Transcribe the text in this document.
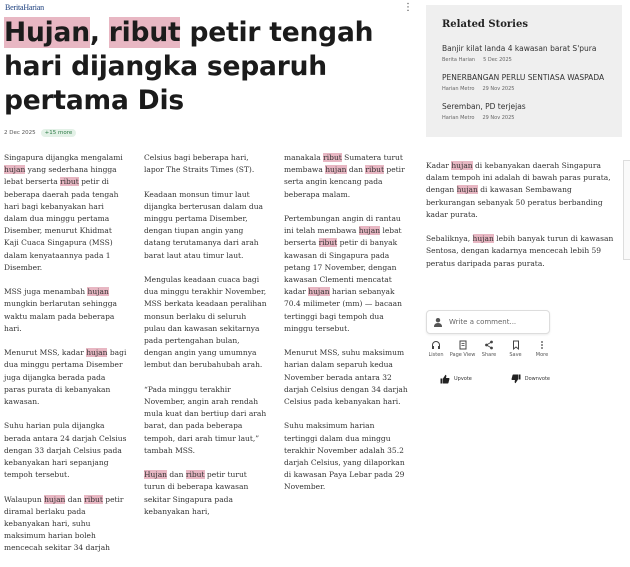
BeritaHarian	⋮
Hujan, ribut petir tengah hari dijangka separuh pertama Dis
2 Dec 2025	+15 more

Singapura dijangka mengalami hujan yang sederhana hingga lebat berserta ribut petir di beberapa daerah pada tengah hari bagi kebanyakan hari dalam dua minggu pertama Disember, menurut Khidmat Kaji Cuaca Singapura (MSS) dalam kenyataannya pada 1 Disember.

MSS juga menambah hujan mungkin berlarutan sehingga waktu malam pada beberapa hari.

Menurut MSS, kadar hujan bagi dua minggu pertama Disember juga dijangka berada pada paras purata di kebanyakan kawasan.

Suhu harian pula dijangka berada antara 24 darjah Celsius dengan 33 darjah Celsius pada kebanyakan hari sepanjang tempoh tersebut.

Walaupun hujan dan ribut petir diramal berlaku pada kebanyakan hari, suhu maksimum harian boleh mencecah sekitar 34 darjah

Celsius bagi beberapa hari, lapor The Straits Times (ST).

Keadaan monsun timur laut dijangka berterusan dalam dua minggu pertama Disember, dengan tiupan angin yang datang terutamanya dari arah barat laut atau timur laut.

Mengulas keadaan cuaca bagi dua minggu terakhir November, MSS berkata keadaan peralihan monsun berlaku di seluruh pulau dan kawasan sekitarnya pada pertengahan bulan, dengan angin yang umumnya lembut dan berubahubah arah.

“Pada minggu terakhir November, angin arah rendah mula kuat dan bertiup dari arah barat, dan pada beberapa tempoh, dari arah timur laut,” tambah MSS.

Hujan dan ribut petir turut turun di beberapa kawasan sekitar Singapura pada kebanyakan hari,

manakala ribut Sumatera turut membawa hujan dan ribut petir serta angin kencang pada beberapa malam.

Pertembungan angin di rantau ini telah membawa hujan lebat berserta ribut petir di banyak kawasan di Singapura pada petang 17 November, dengan kawasan Clementi mencatat kadar hujan harian sebanyak 70.4 milimeter (mm) — bacaan tertinggi bagi tempoh dua minggu tersebut.

Menurut MSS, suhu maksimum harian dalam separuh kedua November berada antara 32 darjah Celsius dengan 34 darjah Celsius pada kebanyakan hari.

Suhu maksimum harian tertinggi dalam dua minggu terakhir November adalah 35.2 darjah Celsius, yang dilaporkan di kawasan Paya Lebar pada 29 November.

Related Stories
Banjir kilat landa 4 kawasan barat S'pura
Berita Harian 5 Dec 2025
PENERBANGAN PERLU SENTIASA WASPADA
Harian Metro 29 Nov 2025
Seremban, PD terjejas
Harian Metro 29 Nov 2025

Kadar hujan di kebanyakan daerah Singapura dalam tempoh ini adalah di bawah paras purata, dengan hujan di kawasan Sembawang berkurangan sebanyak 50 peratus berbanding kadar purata.

Sebaliknya, hujan lebih banyak turun di kawasan Sentosa, dengan kadarnya mencecah lebih 59 peratus daripada paras purata.

Write a comment...
Listen Page View Share	Save	More
Upvote	Downvote
